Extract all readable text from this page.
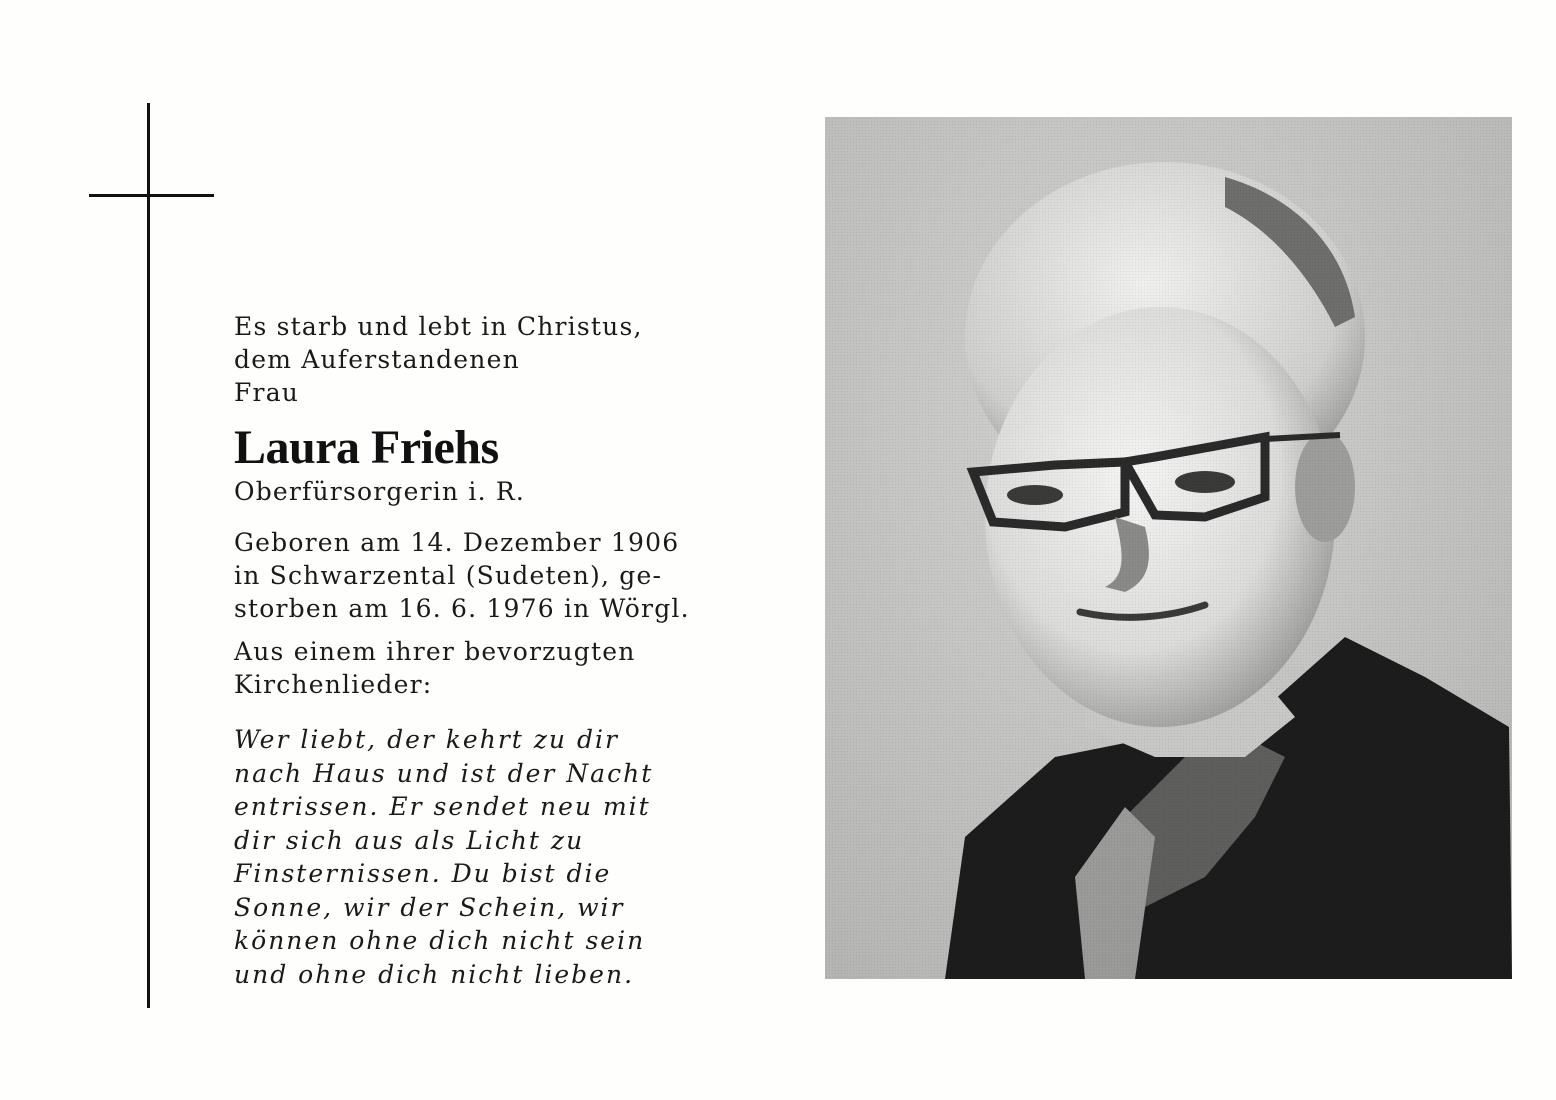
Es starb und lebt in Christus,
dem Auferstandenen
Frau

Laura Friehs

Oberfürsorgerin i. R.

Geboren am 14. Dezember 1906
in Schwarzental (Sudeten), ge-
storben am 16. 6. 1976 in Wörgl.

Aus einem ihrer bevorzugten
Kirchenlieder:

Wer liebt, der kehrt zu dir
nach Haus und ist der Nacht
entrissen. Er sendet neu mit
dir sich aus als Licht zu
Finsternissen. Du bist die
Sonne, wir der Schein, wir
können ohne dich nicht sein
und ohne dich nicht lieben.
